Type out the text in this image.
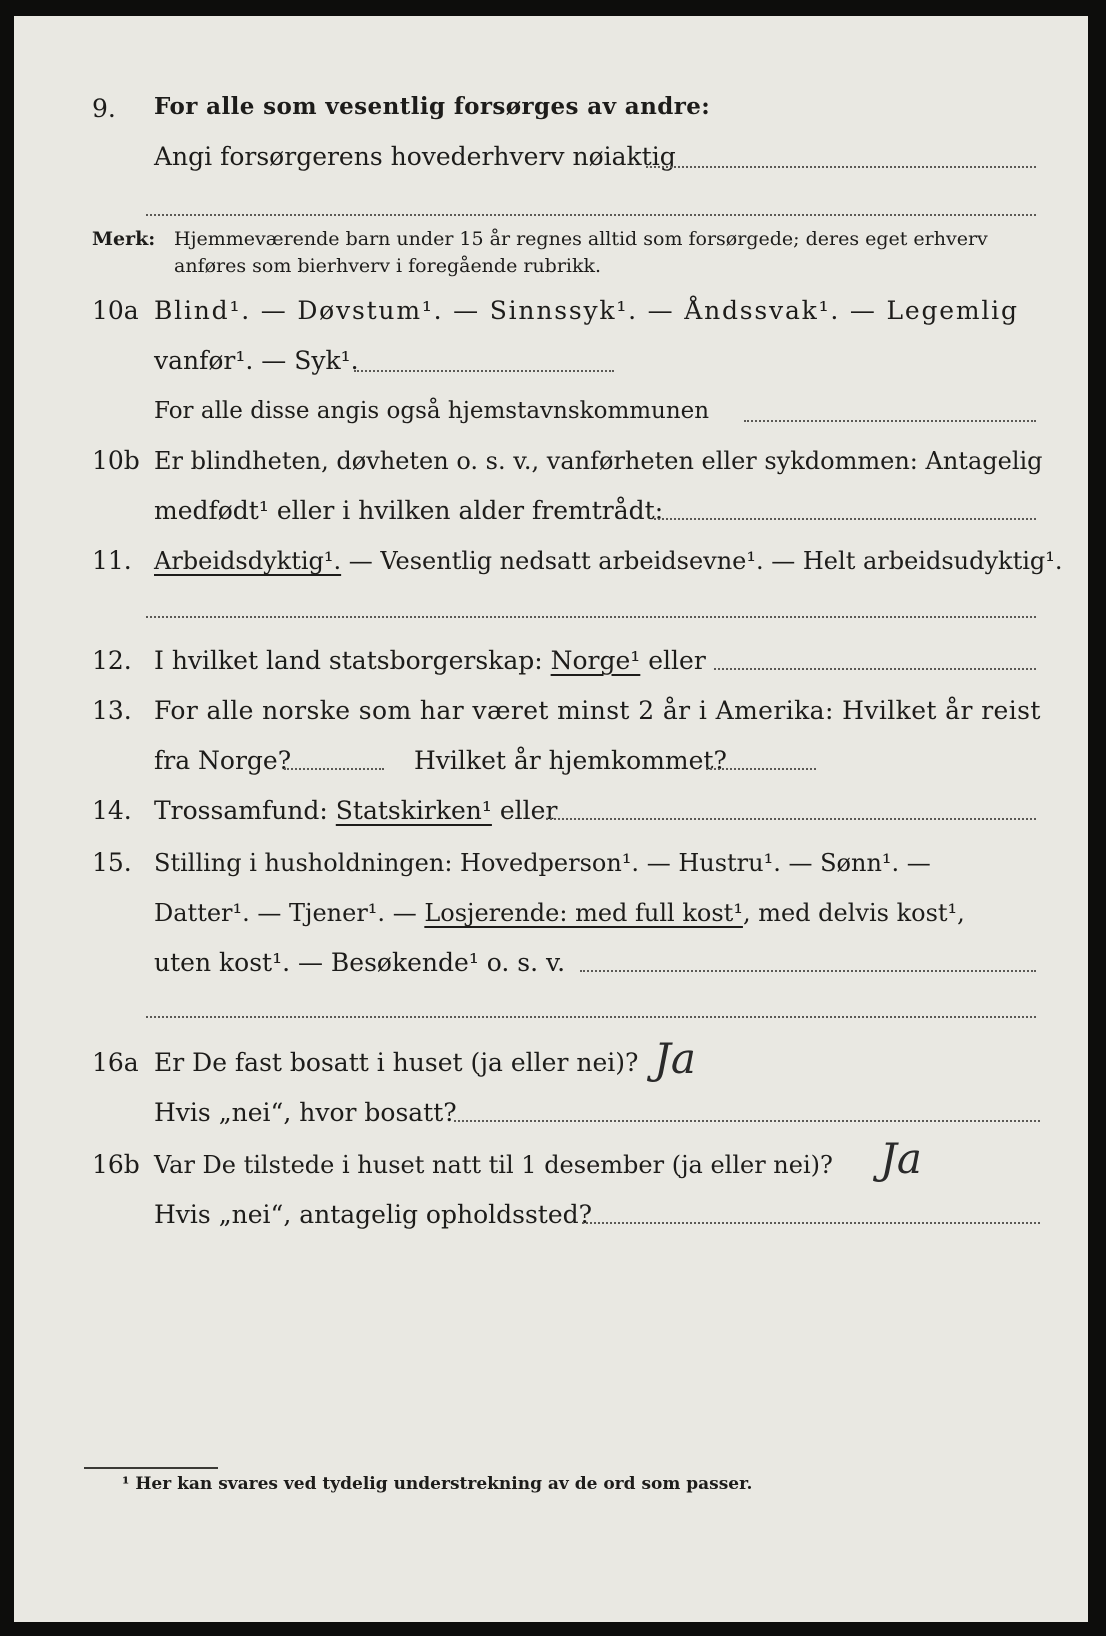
9.	For alle som vesentlig forsørges av andre:
Angi forsørgerens hovederhverv nøiaktig
Merk: Hjemmeværende barn under 15 år regnes alltid som forsørgede; deres eget erhverv anføres som bierhverv i foregående rubrikk.
10a Blind¹. — Døvstum¹. — Sinnssyk¹. — Åndssvak¹. — Legemlig
vanfør¹. — Syk¹.
For alle disse angis også hjemstavnskommunen
10b Er blindheten, døvheten o. s. v., vanførheten eller sykdommen: Antagelig
medfødt¹ eller i hvilken alder fremtrådt:
11. Arbeidsdyktig¹. — Vesentlig nedsatt arbeidsevne¹. — Helt arbeidsudyktig¹.
12. I hvilket land statsborgerskap: Norge¹ eller
13. For alle norske som har været minst 2 år i Amerika: Hvilket år reist
fra Norge?	Hvilket år hjemkommet?
14. Trossamfund: Statskirken¹ eller
15. Stilling i husholdningen: Hovedperson¹. — Hustru¹. — Sønn¹. —
Datter¹. — Tjener¹. — Losjerende: med full kost¹, med delvis kost¹,
uten kost¹. — Besøkende¹ o. s. v.
16a Er De fast bosatt i huset (ja eller nei)? Ja
Hvis „nei“, hvor bosatt?
16b Var De tilstede i huset natt til 1 desember (ja eller nei)?	Ja
Hvis „nei“, antagelig opholdssted?
¹ Her kan svares ved tydelig understrekning av de ord som passer.
